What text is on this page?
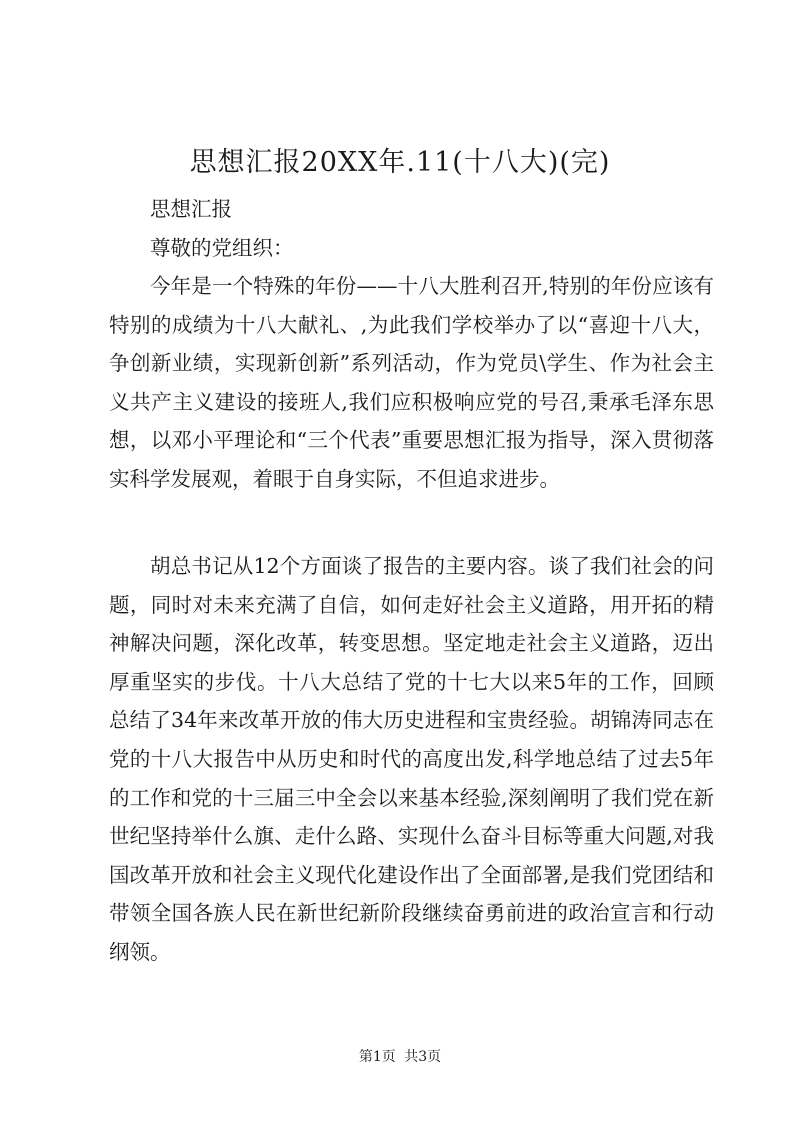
思想汇报20XX年.11(十八大)(完)

思想汇报

尊敬的党组织：

今年是一个特殊的年份——十八大胜利召开,特别的年份应该有特别的成绩为十八大献礼、,为此我们学校举办了以“喜迎十八大，争创新业绩，实现新创新”系列活动，作为党员\学生、作为社会主义共产主义建设的接班人,我们应积极响应党的号召,秉承毛泽东思想，以邓小平理论和“三个代表”重要思想汇报为指导，深入贯彻落实科学发展观，着眼于自身实际，不但追求进步。

胡总书记从12个方面谈了报告的主要内容。谈了我们社会的问题，同时对未来充满了自信，如何走好社会主义道路，用开拓的精神解决问题，深化改革，转变思想。坚定地走社会主义道路，迈出厚重坚实的步伐。十八大总结了党的十七大以来5年的工作，回顾总结了34年来改革开放的伟大历史进程和宝贵经验。胡锦涛同志在党的十八大报告中从历史和时代的高度出发,科学地总结了过去5年的工作和党的十三届三中全会以来基本经验,深刻阐明了我们党在新世纪坚持举什么旗、走什么路、实现什么奋斗目标等重大问题,对我国改革开放和社会主义现代化建设作出了全面部署,是我们党团结和带领全国各族人民在新世纪新阶段继续奋勇前进的政治宣言和行动纲领。

第1页 共3页
